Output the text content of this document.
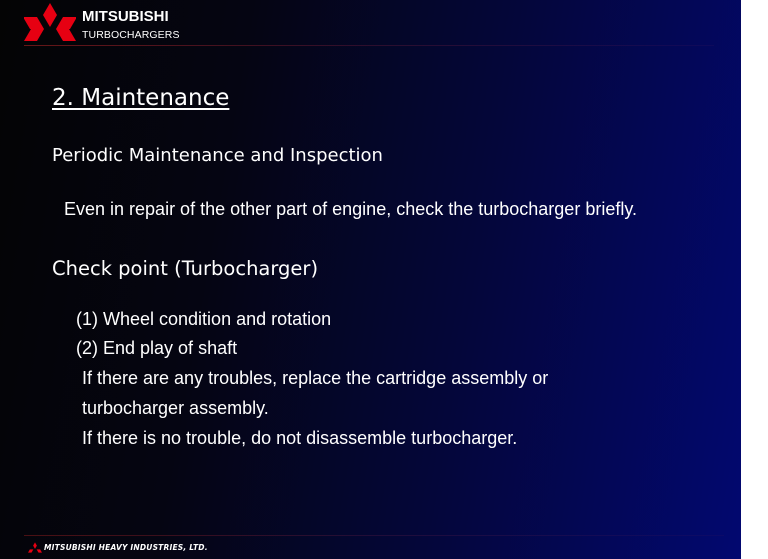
MITSUBISHI
TURBOCHARGERS
2. Maintenance
Periodic Maintenance and Inspection
Even in repair of the other part of engine, check the turbocharger briefly.
Check point (Turbocharger)
(1) Wheel condition and rotation
(2) End play of shaft
If there are any troubles, replace the cartridge assembly or
turbocharger assembly.
If there is no trouble, do not disassemble turbocharger.
MITSUBISHI HEAVY INDUSTRIES, LTD.
